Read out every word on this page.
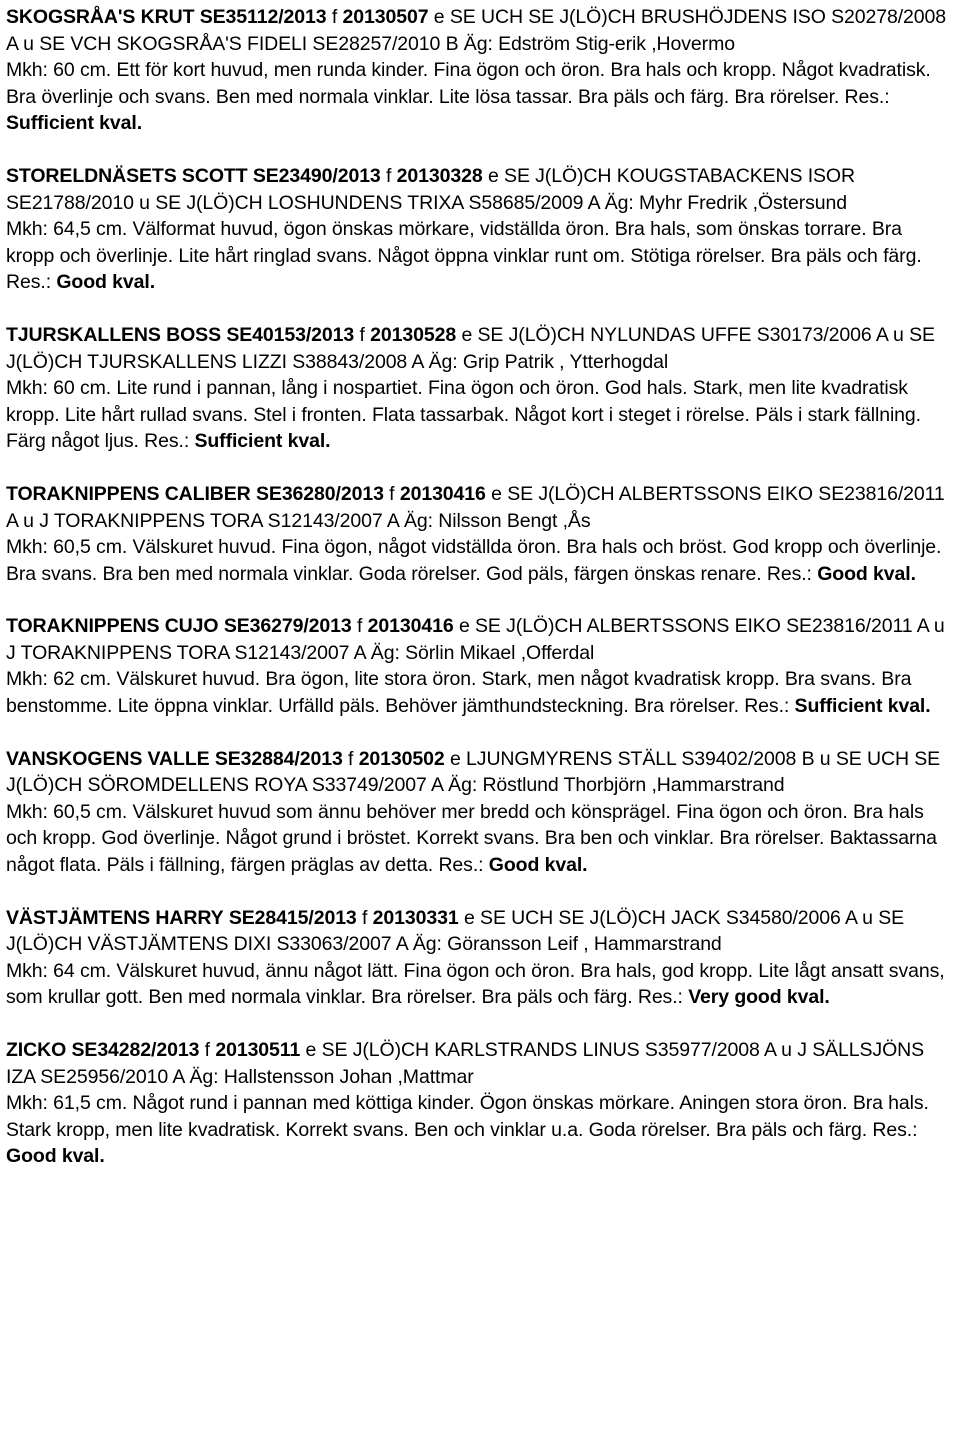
SKOGSRÅA'S KRUT SE35112/2013 f 20130507 e SE UCH SE J(LÖ)CH BRUSHÖJDENS ISO S20278/2008 A u SE VCH SKOGSRÅA'S FIDELI SE28257/2010 B Äg: Edström Stig-erik ,Hovermo
Mkh: 60 cm. Ett för kort huvud, men runda kinder. Fina ögon och öron. Bra hals och kropp. Något kvadratisk. Bra överlinje och svans. Ben med normala vinklar. Lite lösa tassar. Bra päls och färg. Bra rörelser. Res.: Sufficient kval.
STORELDNÄSETS SCOTT SE23490/2013 f 20130328 e SE J(LÖ)CH KOUGSTABACKENS ISOR SE21788/2010 u SE J(LÖ)CH LOSHUNDENS TRIXA S58685/2009 A Äg: Myhr Fredrik ,Östersund
Mkh: 64,5 cm. Välformat huvud, ögon önskas mörkare, vidställda öron. Bra hals, som önskas torrare. Bra kropp och överlinje. Lite hårt ringlad svans. Något öppna vinklar runt om. Stötiga rörelser. Bra päls och färg. Res.: Good kval.
TJURSKALLENS BOSS SE40153/2013 f 20130528 e SE J(LÖ)CH NYLUNDAS UFFE S30173/2006 A u SE J(LÖ)CH TJURSKALLENS LIZZI S38843/2008 A Äg: Grip Patrik , Ytterhogdal
Mkh: 60 cm. Lite rund i pannan, lång i nospartiet. Fina ögon och öron. God hals. Stark, men lite kvadratisk kropp. Lite hårt rullad svans. Stel i fronten. Flata tassarbak. Något kort i steget i rörelse. Päls i stark fällning. Färg något ljus. Res.: Sufficient kval.
TORAKNIPPENS CALIBER SE36280/2013 f 20130416 e SE J(LÖ)CH ALBERTSSONS EIKO SE23816/2011 A u J TORAKNIPPENS TORA S12143/2007 A Äg: Nilsson Bengt ,Ås
Mkh: 60,5 cm. Välskuret huvud. Fina ögon, något vidställda öron. Bra hals och bröst. God kropp och överlinje. Bra svans. Bra ben med normala vinklar. Goda rörelser. God päls, färgen önskas renare. Res.: Good kval.
TORAKNIPPENS CUJO SE36279/2013 f 20130416 e SE J(LÖ)CH ALBERTSSONS EIKO SE23816/2011 A u J TORAKNIPPENS TORA S12143/2007 A Äg: Sörlin Mikael ,Offerdal
Mkh: 62 cm. Välskuret huvud. Bra ögon, lite stora öron. Stark, men något kvadratisk kropp. Bra svans. Bra benstomme. Lite öppna vinklar. Urfälld päls. Behöver jämthundsteckning. Bra rörelser. Res.: Sufficient kval.
VANSKOGENS VALLE SE32884/2013 f 20130502 e LJUNGMYRENS STÄLL S39402/2008 B u SE UCH SE J(LÖ)CH SÖROMDELLENS ROYA S33749/2007 A Äg: Röstlund Thorbjörn ,Hammarstrand
Mkh: 60,5 cm. Välskuret huvud som ännu behöver mer bredd och könsprägel. Fina ögon och öron. Bra hals och kropp. God överlinje. Något grund i bröstet. Korrekt svans. Bra ben och vinklar. Bra rörelser. Baktassarna något flata. Päls i fällning, färgen präglas av detta. Res.: Good kval.
VÄSTJÄMTENS HARRY SE28415/2013 f 20130331 e SE UCH SE J(LÖ)CH JACK S34580/2006 A u SE J(LÖ)CH VÄSTJÄMTENS DIXI S33063/2007 A Äg: Göransson Leif , Hammarstrand
Mkh: 64 cm. Välskuret huvud, ännu något lätt. Fina ögon och öron. Bra hals, god kropp. Lite lågt ansatt svans, som krullar gott. Ben med normala vinklar. Bra rörelser. Bra päls och färg. Res.: Very good kval.
ZICKO SE34282/2013 f 20130511 e SE J(LÖ)CH KARLSTRANDS LINUS S35977/2008 A u J SÄLLSJÖNS IZA SE25956/2010 A Äg: Hallstensson Johan ,Mattmar
Mkh: 61,5 cm. Något rund i pannan med köttiga kinder. Ögon önskas mörkare. Aningen stora öron. Bra hals. Stark kropp, men lite kvadratisk. Korrekt svans. Ben och vinklar u.a. Goda rörelser. Bra päls och färg. Res.: Good kval.
